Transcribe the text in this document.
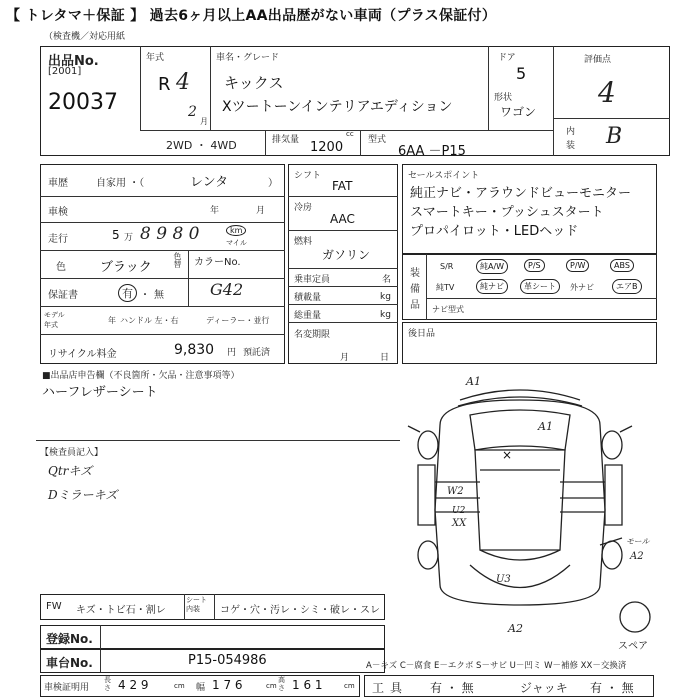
【 トレタマ＋保証 】 過去6ヶ月以上AA出品歴がない車両（プラス保証付）
（検査機／対応用紙
出品No.
[2001]
20037
年式
R 4
2
月
車名・グレード
キックス
Xツートーンインテリアエディション
ドア
5
形状
ワゴン
評価点
4
内
装 B
2WD ・ 4WD	排気量
cc
1200	型式
6AA －P15
車歴	自家用 ・（	レンタ	）
車検	年	月
走行	5 万 8 9 8 0	km
マイル
色	ブラック	色替 カラーNo.
G42
保証書	有 ・ 無
モデル
年式	年 ハンドル 左・右	ディーラー・並行
リサイクル料金	9,830 円 預託済
シフト
FAT
冷房
AAC
燃料
ガソリン
乗車定員	名
積載量	kg
総重量	kg
名変期限
月	日
セールスポイント
純正ナビ・アラウンドビューモニター
スマートキー・プッシュスタート
プロパイロット・LEDヘッド
装
備
品
S/R	純A/W	P/S	P/W	ABS
純TV	純ナビ	革シート	外ナビ	エアB
ナビ型式
後日品
■出品店申告欄（不良箇所・欠品・注意事項等）
ハーフレザーシート
【検査員記入】
Qtrキズ
Dミラーキズ
A1
A1
×
W2
U2
XX
U3
A2
モール
A2
スペア
FW キズ・トビ石・割レ
シート内装	コゲ・穴・汚レ・シミ・破レ・スレ
登録No.
車台No.	P15-054986	A－キズ C－腐食 E－エクボ S－サビ U－凹ミ W－補修 XX－交換済
車検証明用
長さ 4 2 9	cm 幅 1 7 6	cm
高さ 1 6 1	cm 工具 有 ・ 無	ジャッキ 有 ・ 無
